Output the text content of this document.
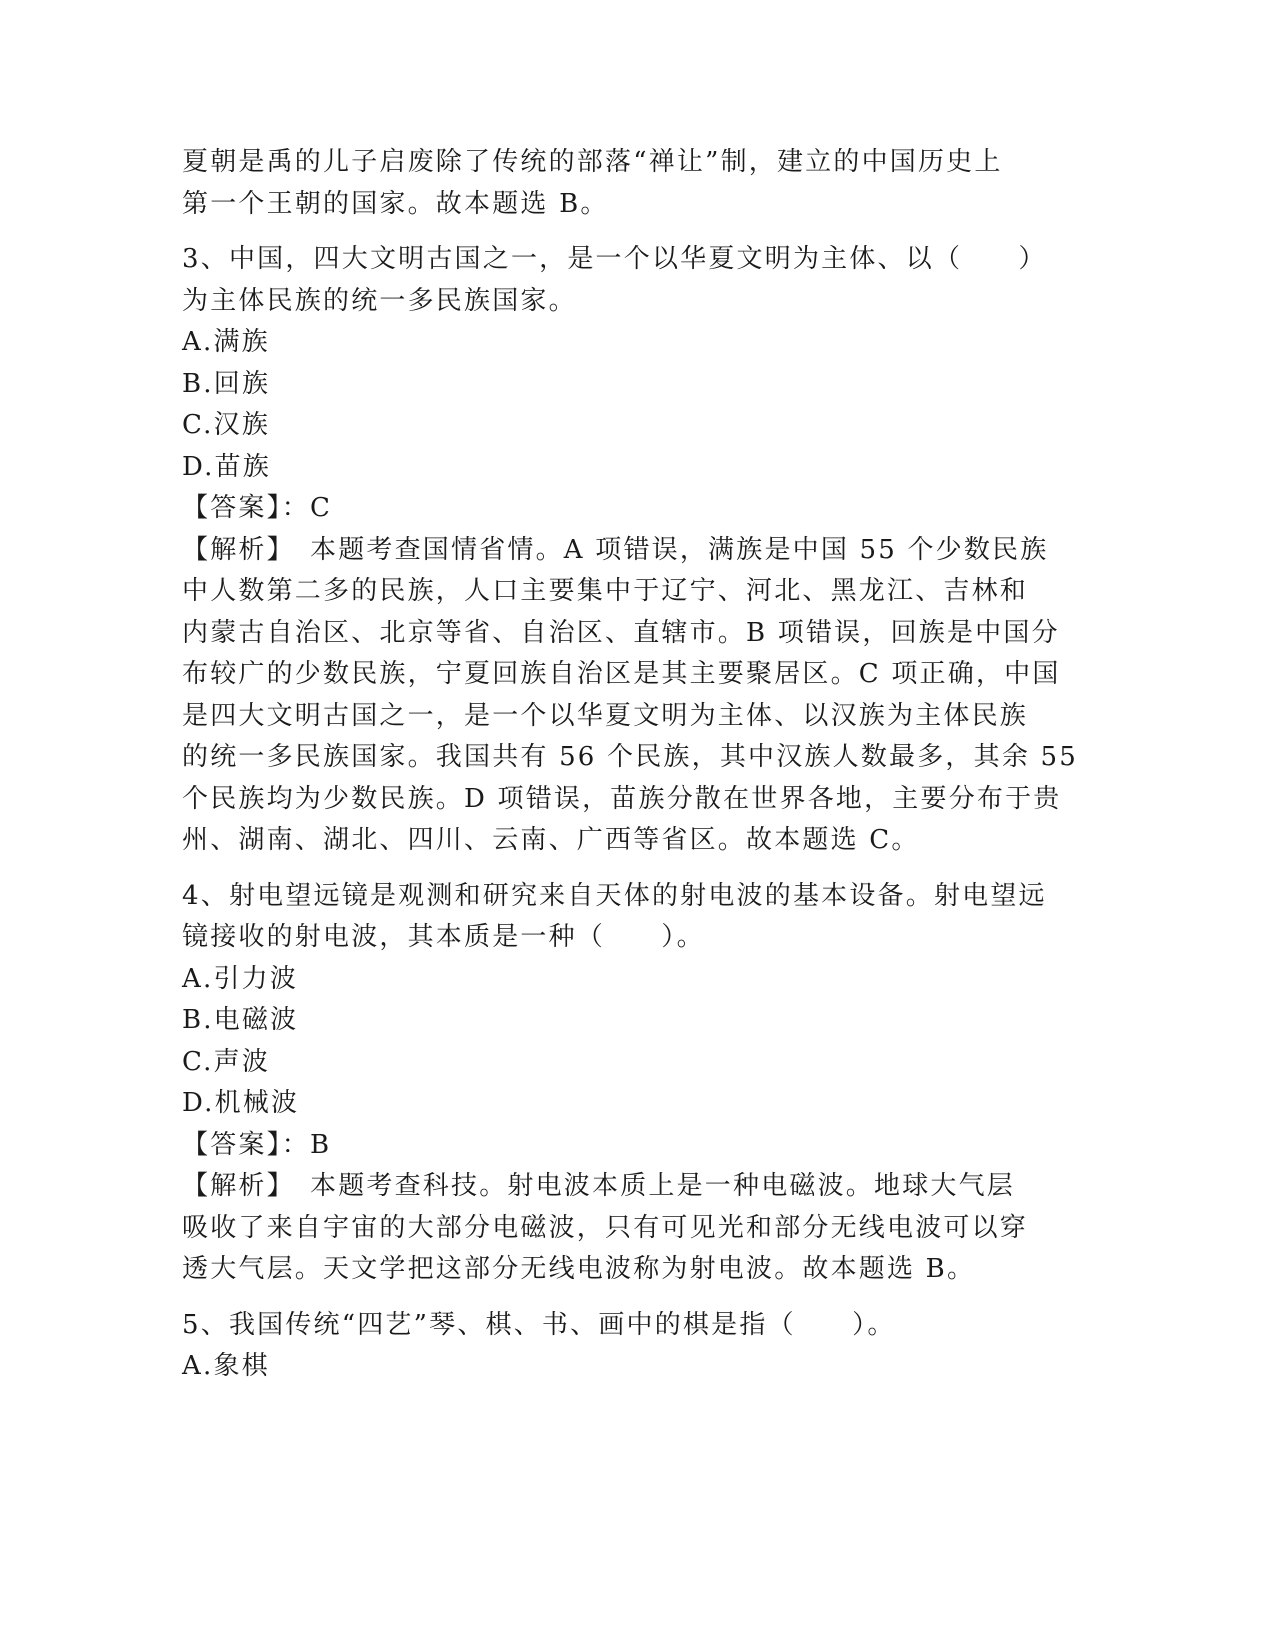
夏朝是禹的儿子启废除了传统的部落“禅让”制，建立的中国历史上

第一个王朝的国家。故本题选 B。

3、中国，四大文明古国之一，是一个以华夏文明为主体、以（　　）

为主体民族的统一多民族国家。

A.满族

B.回族

C.汉族

D.苗族

【答案】：C

【解析】　本题考查国情省情。A 项错误，满族是中国 55 个少数民族

中人数第二多的民族，人口主要集中于辽宁、河北、黑龙江、吉林和

内蒙古自治区、北京等省、自治区、直辖市。B 项错误，回族是中国分

布较广的少数民族，宁夏回族自治区是其主要聚居区。C 项正确，中国

是四大文明古国之一，是一个以华夏文明为主体、以汉族为主体民族

的统一多民族国家。我国共有 56 个民族，其中汉族人数最多，其余 55

个民族均为少数民族。D 项错误，苗族分散在世界各地，主要分布于贵

州、湖南、湖北、四川、云南、广西等省区。故本题选 C。

4、射电望远镜是观测和研究来自天体的射电波的基本设备。射电望远

镜接收的射电波，其本质是一种（　　）。

A.引力波

B.电磁波

C.声波

D.机械波

【答案】：B

【解析】　本题考查科技。射电波本质上是一种电磁波。地球大气层

吸收了来自宇宙的大部分电磁波，只有可见光和部分无线电波可以穿

透大气层。天文学把这部分无线电波称为射电波。故本题选 B。

5、我国传统“四艺”琴、棋、书、画中的棋是指（　　）。

A.象棋
